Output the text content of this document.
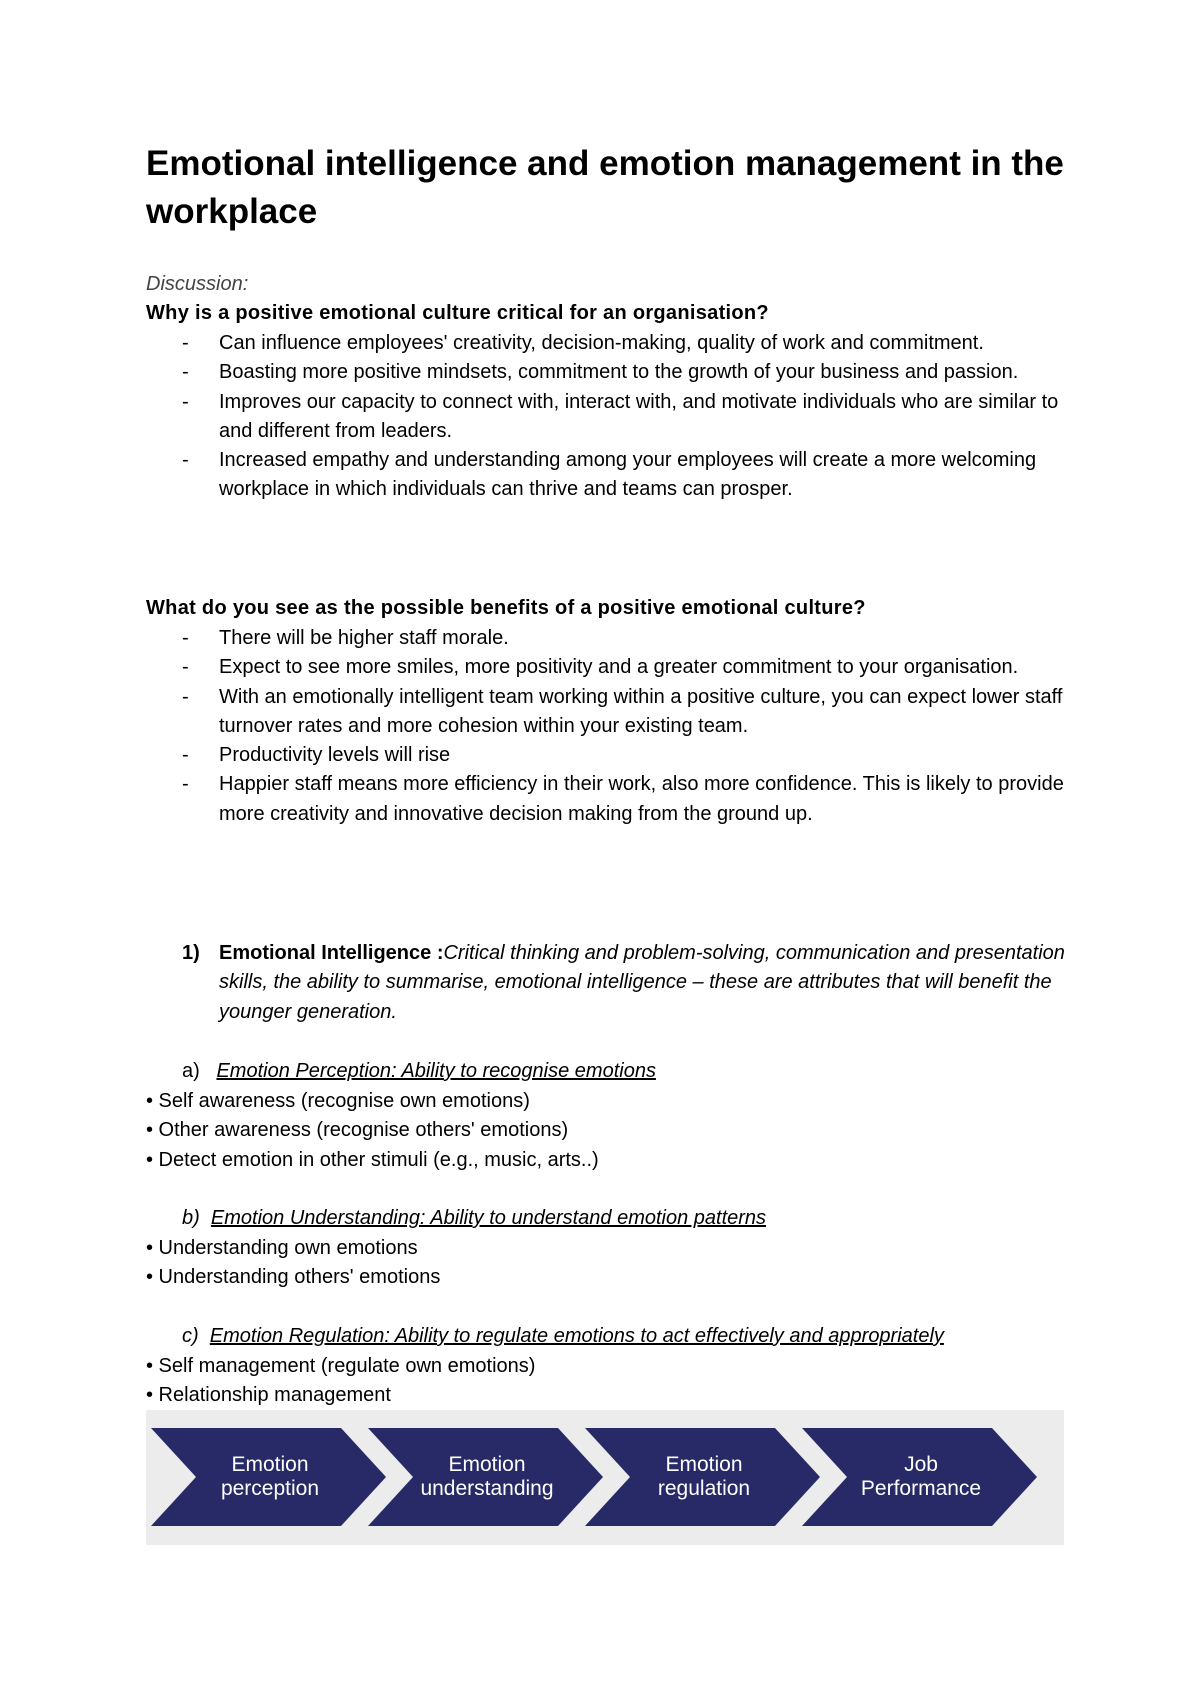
Emotional intelligence and emotion management in the workplace
Discussion:
Why is a positive emotional culture critical for an organisation?
- Can influence employees' creativity, decision-making, quality of work and commitment.
- Boasting more positive mindsets, commitment to the growth of your business and passion.
- Improves our capacity to connect with, interact with, and motivate individuals who are similar to and different from leaders.
- Increased empathy and understanding among your employees will create a more welcoming workplace in which individuals can thrive and teams can prosper.
What do you see as the possible benefits of a positive emotional culture?
- There will be higher staff morale.
- Expect to see more smiles, more positivity and a greater commitment to your organisation.
- With an emotionally intelligent team working within a positive culture, you can expect lower staff turnover rates and more cohesion within your existing team.
- Productivity levels will rise
- Happier staff means more efficiency in their work, also more confidence. This is likely to provide more creativity and innovative decision making from the ground up.
1) Emotional Intelligence :Critical thinking and problem-solving, communication and presentation skills, the ability to summarise, emotional intelligence – these are attributes that will benefit the younger generation.
a) Emotion Perception: Ability to recognise emotions
• Self awareness (recognise own emotions)
• Other awareness (recognise others' emotions)
• Detect emotion in other stimuli (e.g., music, arts..)
b) Emotion Understanding: Ability to understand emotion patterns
• Understanding own emotions
• Understanding others' emotions
c) Emotion Regulation: Ability to regulate emotions to act effectively and appropriately
• Self management (regulate own emotions)
• Relationship management
Emotion
perception
Emotion
understanding
Emotion
regulation
Job
Performance
